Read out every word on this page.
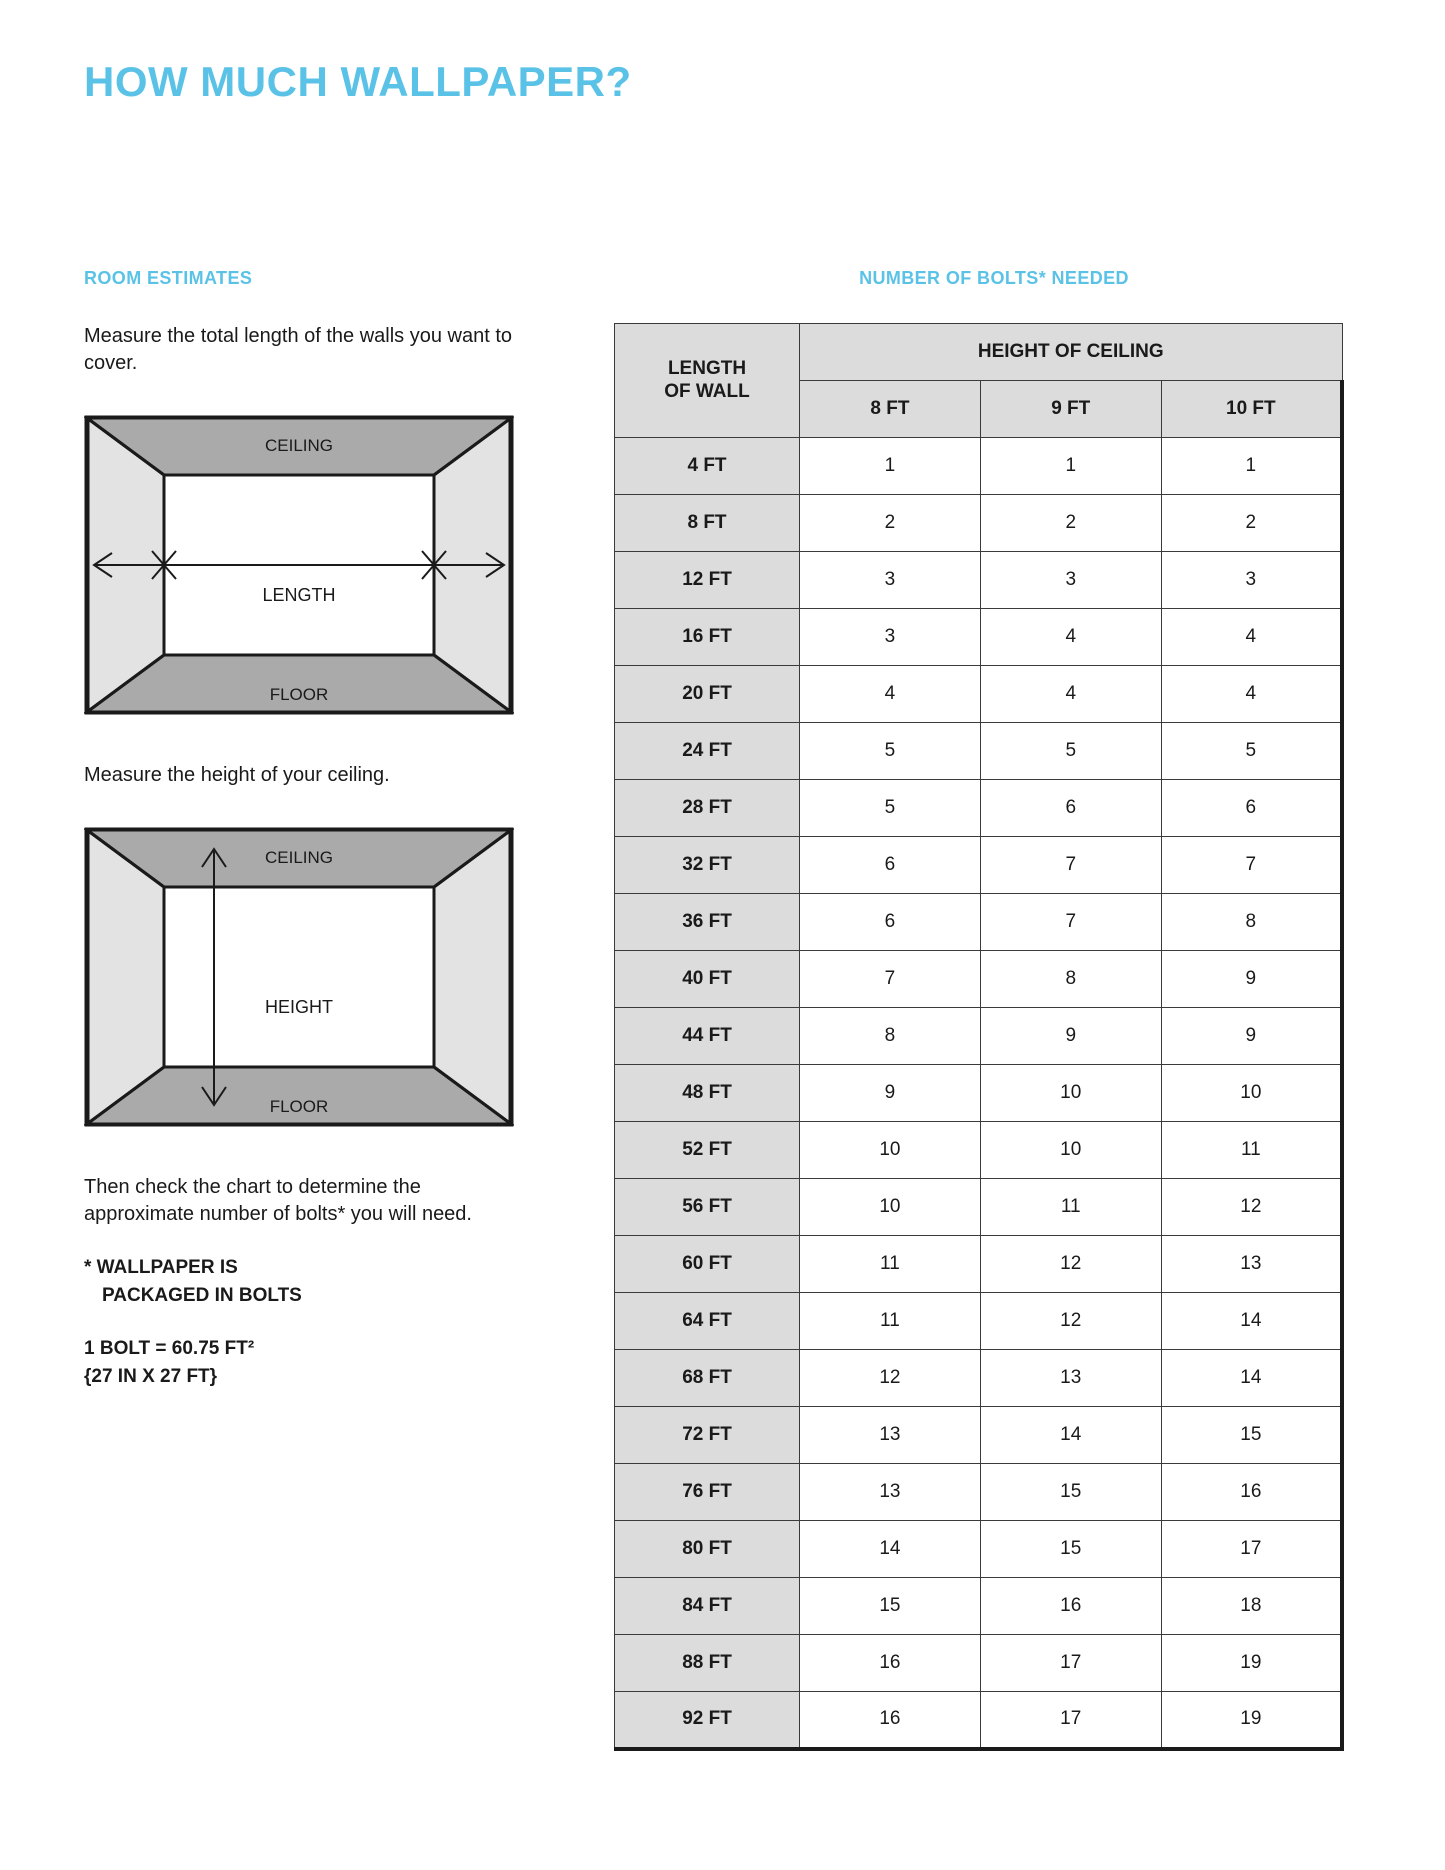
HOW MUCH WALLPAPER?
ROOM ESTIMATES

Measure the total length of the walls you want to cover.

CEILING
FLOOR
LENGTH

Measure the height of your ceiling.

CEILING
FLOOR
HEIGHT

Then check the chart to determine the approximate number of bolts* you will need.

* WALLPAPER IS

PACKAGED IN BOLTS
1 BOLT = 60.75 FT²
{27 IN X 27 FT}
NUMBER OF BOLTS* NEEDED
LENGTH
OF WALL	HEIGHT OF CEILING		
	8 FT	9 FT	10 FT
4 FT	1	1	1
8 FT	2	2	2
12 FT	3	3	3
16 FT	3	4	4
20 FT	4	4	4
24 FT	5	5	5
28 FT	5	6	6
32 FT	6	7	7
36 FT	6	7	8
40 FT	7	8	9
44 FT	8	9	9
48 FT	9	10	10
52 FT	10	10	11
56 FT	10	11	12
60 FT	11	12	13
64 FT	11	12	14
68 FT	12	13	14
72 FT	13	14	15
76 FT	13	15	16
80 FT	14	15	17
84 FT	15	16	18
88 FT	16	17	19
92 FT	16	17	19
